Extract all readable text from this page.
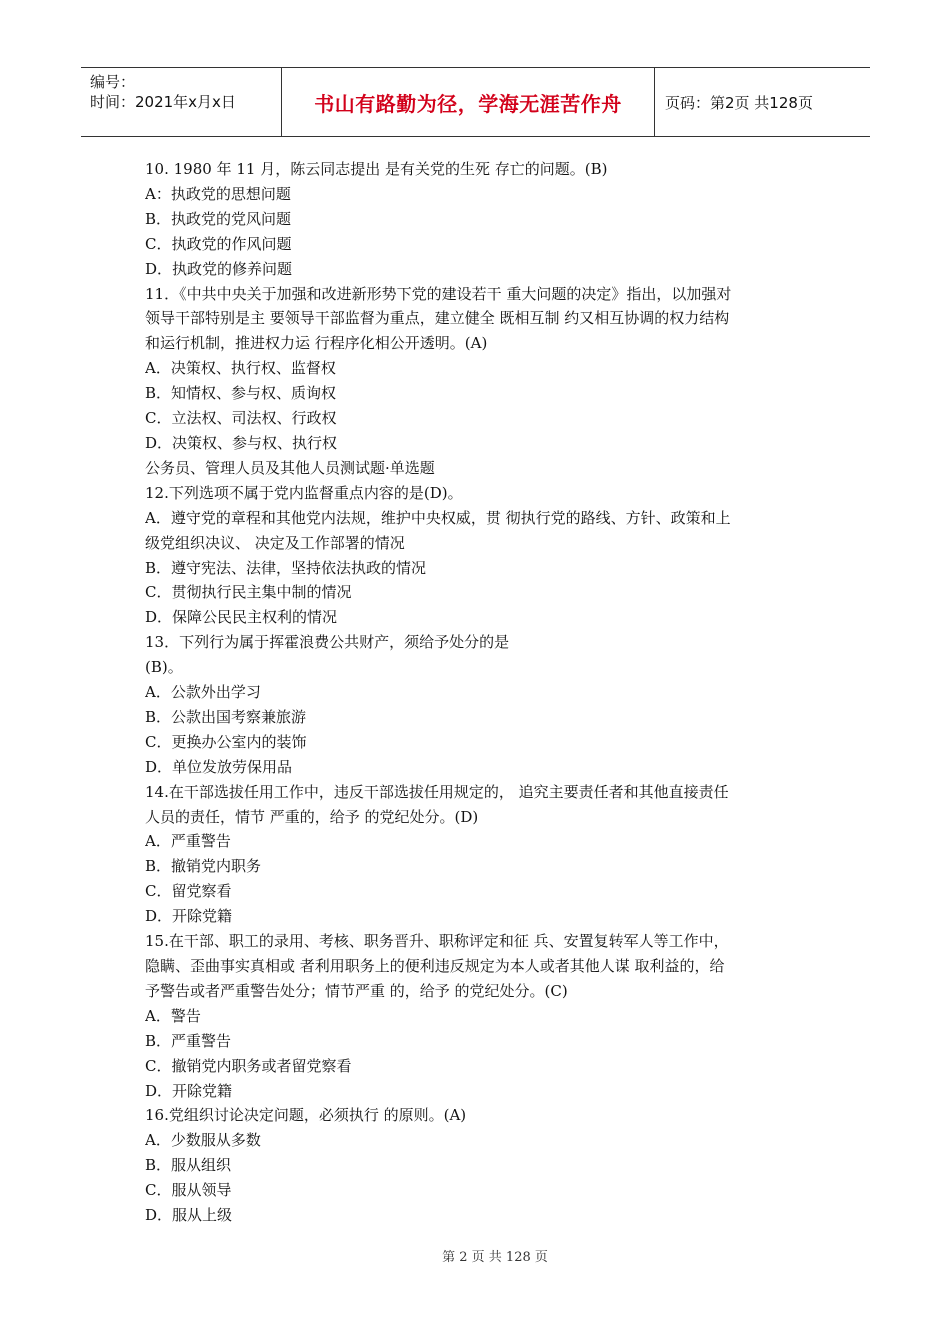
编号：
时间：2021年x月x日	书山有路勤为径，学海无涯苦作舟	页码：第2页 共128页
10. 1980 年 11 月，陈云同志提出 是有关党的生死 存亡的问题。(B)
A：执政党的思想问题
B．执政党的党风问题
C．执政党的作风问题
D．执政党的修养问题
11．《中共中央关于加强和改进新形势下党的建设若干 重大问题的决定》指出，以加强对
领导干部特别是主 要领导干部监督为重点，建立健全 既相互制 约又相互协调的权力结构
和运行机制，推进权力运 行程序化相公开透明。(A)
A．决策权、执行权、监督权
B．知情权、参与权、质询权
C．立法权、司法权、行政权
D．决策权、参与权、执行权
公务员、管理人员及其他人员测试题·单选题
12.下列选项不属于党内监督重点内容的是(D)。
A．遵守党的章程和其他党内法规，维护中央权威，贯 彻执行党的路线、方针、政策和上
级党组织决议、 决定及工作部署的情况
B．遵守宪法、法律，坚持依法执政的情况
C．贯彻执行民主集中制的情况
D．保障公民民主权利的情况
13．下列行为属于挥霍浪费公共财产，须给予处分的是
(B)。
A．公款外出学习
B．公款出国考察兼旅游
C．更换办公室内的装饰
D．单位发放劳保用品
14.在干部选拔任用工作中，违反干部选拔任用规定的， 追究主要责任者和其他直接责任
人员的责任，情节 严重的，给予 的党纪处分。(D)
A．严重警告
B．撤销党内职务
C．留党察看
D．开除党籍
15.在干部、职工的录用、考核、职务晋升、职称评定和征 兵、安置复转军人等工作中，
隐瞒、歪曲事实真相或 者利用职务上的便利违反规定为本人或者其他人谋 取利益的，给
予警告或者严重警告处分；情节严重 的，给予 的党纪处分。(C)
A．警告
B．严重警告
C．撤销党内职务或者留党察看
D．开除党籍
16.党组织讨论决定问题，必须执行 的原则。(A)
A．少数服从多数
B．服从组织
C．服从领导
D．服从上级
第 2 页 共 128 页
